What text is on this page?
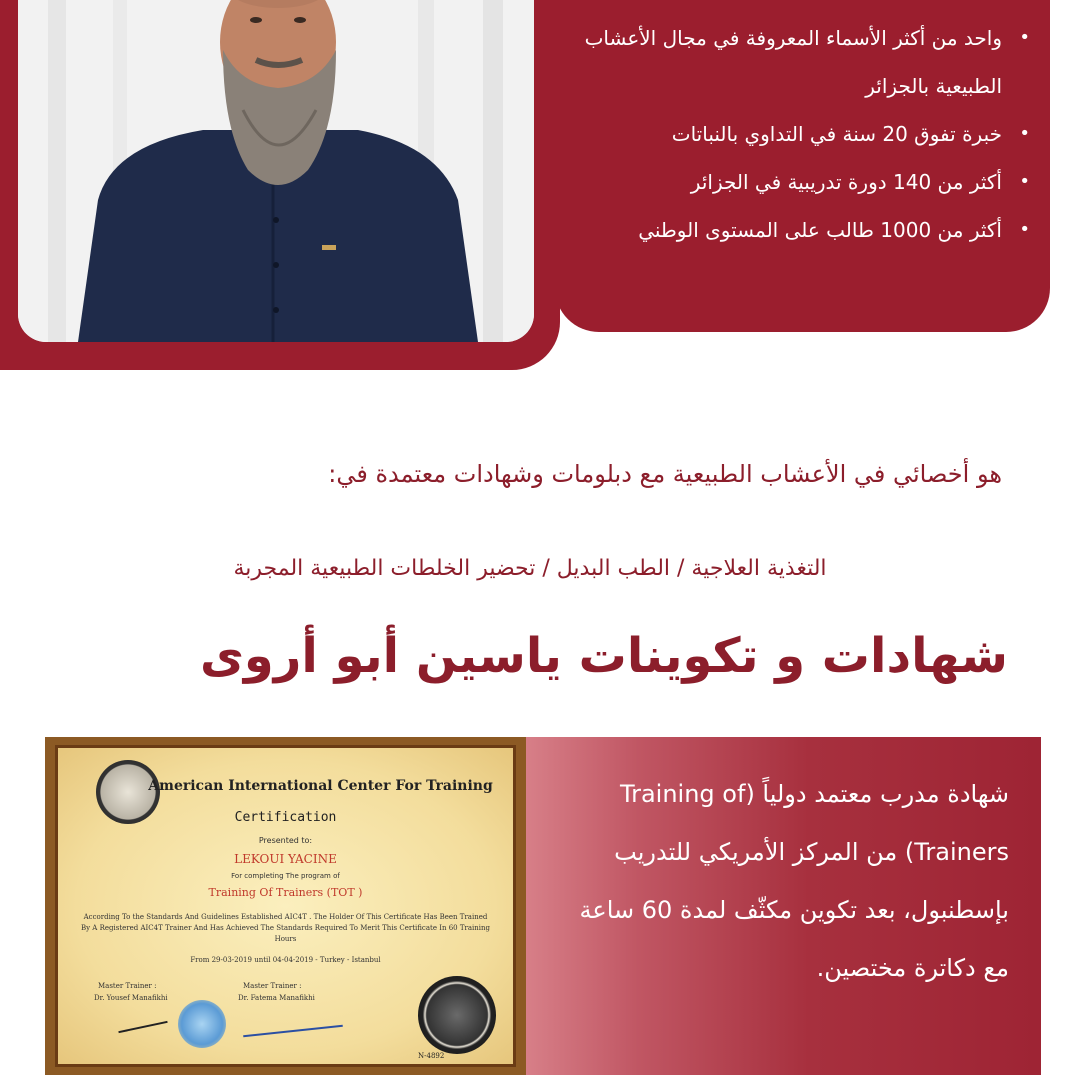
• واحد من أكثر الأسماء المعروفة في مجال الأعشاب الطبيعية بالجزائر
• خبرة تفوق 20 سنة في التداوي بالنباتات
• أكثر من 140 دورة تدريبية في الجزائر
• أكثر من 1000 طالب على المستوى الوطني
هو أخصائي في الأعشاب الطبيعية مع دبلومات وشهادات معتمدة في:
التغذية العلاجية / الطب البديل / تحضير الخلطات الطبيعية المجربة
شهادات و تكوينات ياسين أبو أروى
American International Center For Training
Certification
Presented to:
LEKOUI YACINE
For completing The program of
Training Of Trainers (TOT )
According To the Standards And Guidelines Established AIC4T . The Holder Of This Certificate Has Been Trained By A Registered AIC4T Trainer And Has Achieved The Standards Required To Merit This Certificate In 60 Training Hours
From 29-03-2019 until 04-04-2019 - Turkey - Istanbul
Master Trainer :
Dr. Yousef Manafikhi
Master Trainer :
Dr. Fatema Manafikhi
N-4892

شهادة مدرب معتمد دولياً (Training of Trainers) من المركز الأمريكي للتدريب بإسطنبول، بعد تكوين مكثّف لمدة 60 ساعة مع دكاترة مختصين.
